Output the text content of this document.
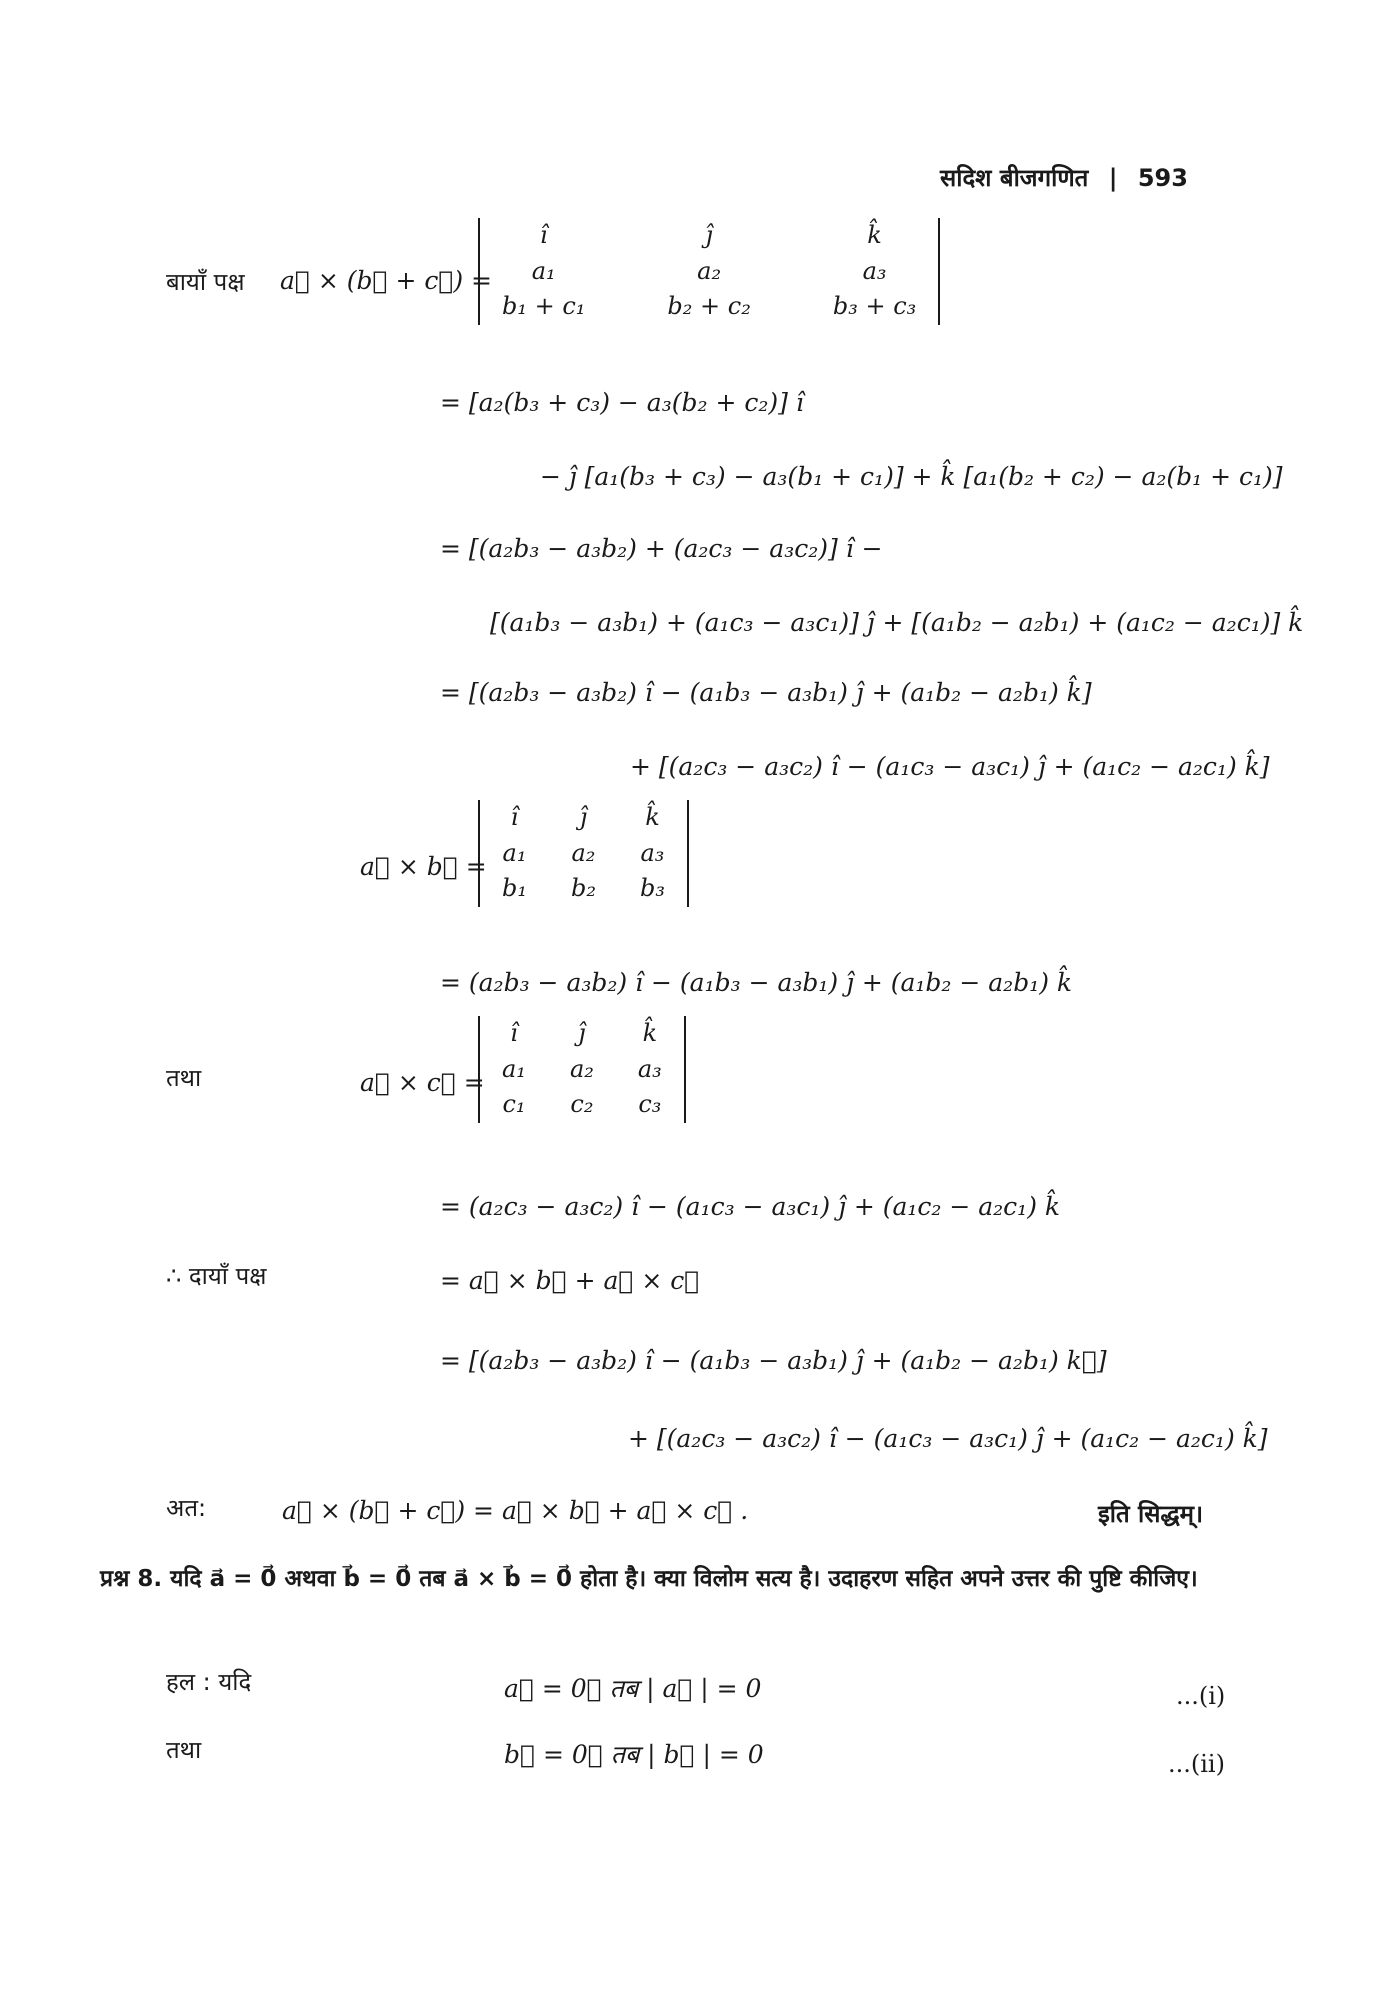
सदिश बीजगणित | 593
बायाँ पक्ष a⃗ × (b⃗ + c⃗) =
î	ĵ	k̂
a₁	a₂	a₃
b₁ + c₁	b₂ + c₂	b₃ + c₃
= [a₂(b₃ + c₃) − a₃(b₂ + c₂)] î
− ĵ [a₁(b₃ + c₃) − a₃(b₁ + c₁)] + k̂ [a₁(b₂ + c₂) − a₂(b₁ + c₁)]
= [(a₂b₃ − a₃b₂) + (a₂c₃ − a₃c₂)] î −
[(a₁b₃ − a₃b₁) + (a₁c₃ − a₃c₁)] ĵ + [(a₁b₂ − a₂b₁) + (a₁c₂ − a₂c₁)] k̂
= [(a₂b₃ − a₃b₂) î − (a₁b₃ − a₃b₁) ĵ + (a₁b₂ − a₂b₁) k̂]
+ [(a₂c₃ − a₃c₂) î − (a₁c₃ − a₃c₁) ĵ + (a₁c₂ − a₂c₁) k̂]
a⃗ × b⃗ =
î	ĵ	k̂
a₁	a₂	a₃
b₁	b₂	b₃
= (a₂b₃ − a₃b₂) î − (a₁b₃ − a₃b₁) ĵ + (a₁b₂ − a₂b₁) k̂
तथा	a⃗ × c⃗ =
î	ĵ	k̂
a₁	a₂	a₃
c₁	c₂	c₃
= (a₂c₃ − a₃c₂) î − (a₁c₃ − a₃c₁) ĵ + (a₁c₂ − a₂c₁) k̂
∴ दायाँ पक्ष	= a⃗ × b⃗ + a⃗ × c⃗
= [(a₂b₃ − a₃b₂) î − (a₁b₃ − a₃b₁) ĵ + (a₁b₂ − a₂b₁) k⃗]
+ [(a₂c₃ − a₃c₂) î − (a₁c₃ − a₃c₁) ĵ + (a₁c₂ − a₂c₁) k̂]
अत:	a⃗ × (b⃗ + c⃗) = a⃗ × b⃗ + a⃗ × c⃗ .	इति सिद्धम्।
प्रश्न 8. यदि a⃗ = 0⃗ अथवा b⃗ = 0⃗ तब a⃗ × b⃗ = 0⃗ होता है। क्या विलोम सत्य है। उदाहरण सहित अपने उत्तर की पुष्टि कीजिए।
हल : यदि	a⃗ = 0⃗ तब | a⃗ | = 0	...(i)
तथा	b⃗ = 0⃗ तब | b⃗ | = 0	...(ii)
